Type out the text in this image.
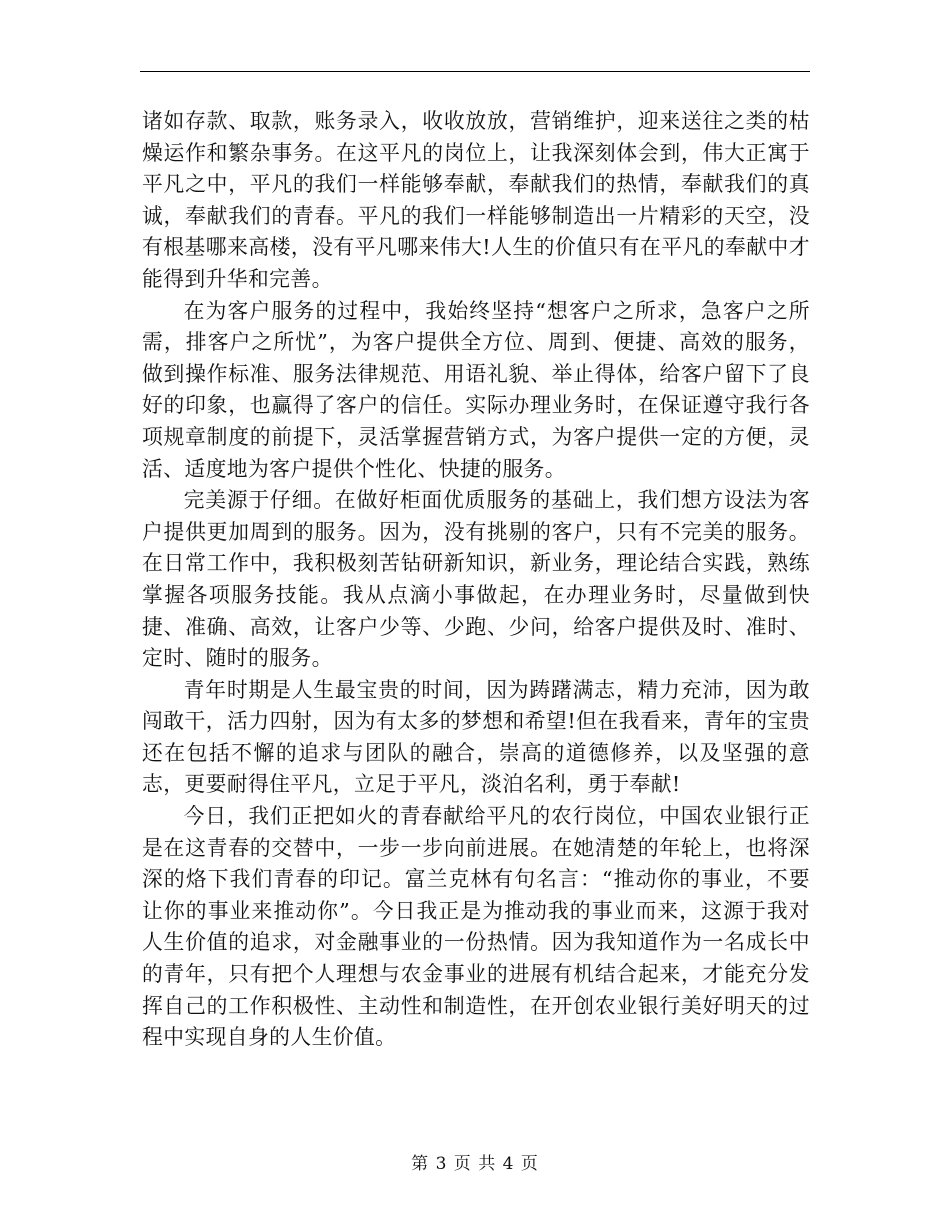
诸如存款、取款，账务录入，收收放放，营销维护，迎来送往之类的枯燥运作和繁杂事务。在这平凡的岗位上，让我深刻体会到，伟大正寓于平凡之中，平凡的我们一样能够奉献，奉献我们的热情，奉献我们的真诚，奉献我们的青春。平凡的我们一样能够制造出一片精彩的天空，没有根基哪来高楼，没有平凡哪来伟大!人生的价值只有在平凡的奉献中才能得到升华和完善。

在为客户服务的过程中，我始终坚持“想客户之所求，急客户之所需，排客户之所忧”，为客户提供全方位、周到、便捷、高效的服务，做到操作标准、服务法律规范、用语礼貌、举止得体，给客户留下了良好的印象，也赢得了客户的信任。实际办理业务时，在保证遵守我行各项规章制度的前提下，灵活掌握营销方式，为客户提供一定的方便，灵活、适度地为客户提供个性化、快捷的服务。

完美源于仔细。在做好柜面优质服务的基础上，我们想方设法为客户提供更加周到的服务。因为，没有挑剔的客户，只有不完美的服务。在日常工作中，我积极刻苦钻研新知识，新业务，理论结合实践，熟练掌握各项服务技能。我从点滴小事做起，在办理业务时，尽量做到快捷、准确、高效，让客户少等、少跑、少问，给客户提供及时、准时、定时、随时的服务。

青年时期是人生最宝贵的时间，因为踌躇满志，精力充沛，因为敢闯敢干，活力四射，因为有太多的梦想和希望!但在我看来，青年的宝贵还在包括不懈的追求与团队的融合，崇高的道德修养，以及坚强的意志，更要耐得住平凡，立足于平凡，淡泊名利，勇于奉献!

今日，我们正把如火的青春献给平凡的农行岗位，中国农业银行正是在这青春的交替中，一步一步向前进展。在她清楚的年轮上，也将深深的烙下我们青春的印记。富兰克林有句名言：“推动你的事业，不要让你的事业来推动你”。今日我正是为推动我的事业而来，这源于我对人生价值的追求，对金融事业的一份热情。因为我知道作为一名成长中的青年，只有把个人理想与农金事业的进展有机结合起来，才能充分发挥自己的工作积极性、主动性和制造性，在开创农业银行美好明天的过程中实现自身的人生价值。

第 3 页 共 4 页
